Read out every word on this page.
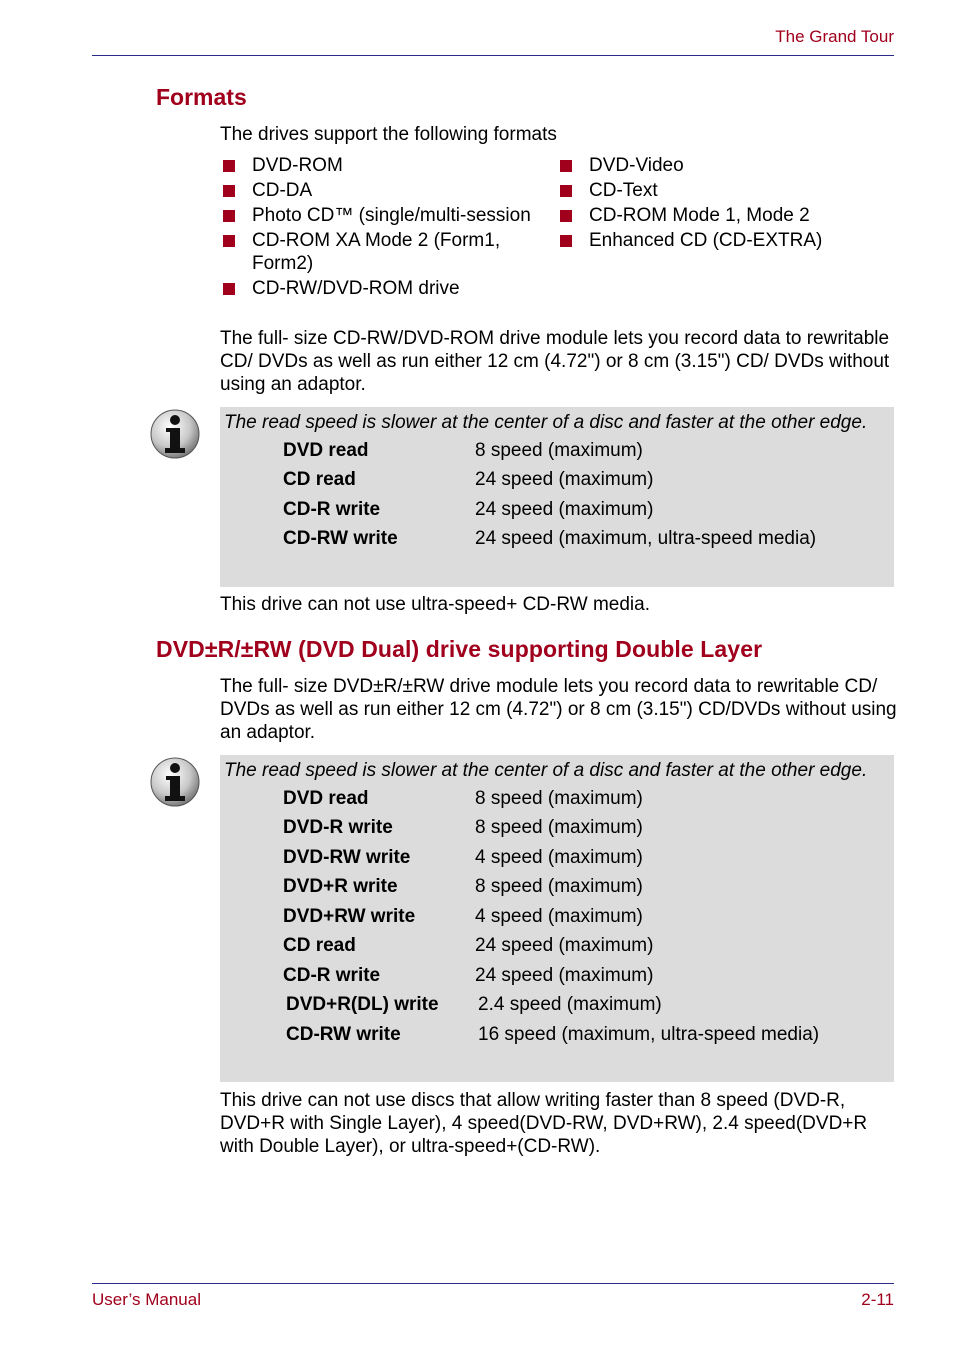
The Grand Tour
Formats
The drives support the following formats
DVD-ROM	DVD-Video
CD-DA	CD-Text
Photo CD™ (single/multi-session	CD-ROM Mode 1, Mode 2
CD-ROM XA Mode 2 (Form1, Form2)
Enhanced CD (CD-EXTRA)
CD-RW/DVD-ROM drive
The full- size CD-RW/DVD-ROM drive module lets you record data to rewritable CD/ DVDs as well as run either 12 cm (4.72") or 8 cm (3.15") CD/ DVDs without using an adaptor.
The read speed is slower at the center of a disc and faster at the other edge.
DVD read	8 speed (maximum)
CD read	24 speed (maximum)
CD-R write	24 speed (maximum)
CD-RW write	24 speed (maximum, ultra-speed media)
This drive can not use ultra-speed+ CD-RW media.
DVD±R/±RW (DVD Dual) drive supporting Double Layer
The full- size DVD±R/±RW drive module lets you record data to rewritable CD/ DVDs as well as run either 12 cm (4.72") or 8 cm (3.15") CD/DVDs without using an adaptor.
The read speed is slower at the center of a disc and faster at the other edge.
DVD read	8 speed (maximum)
DVD-R write	8 speed (maximum)
DVD-RW write	4 speed (maximum)
DVD+R write	8 speed (maximum)
DVD+RW write	4 speed (maximum)
CD read	24 speed (maximum)
CD-R write	24 speed (maximum)
DVD+R(DL) write	2.4 speed (maximum)
CD-RW write	16 speed (maximum, ultra-speed media)
This drive can not use discs that allow writing faster than 8 speed (DVD-R, DVD+R with Single Layer), 4 speed(DVD-RW, DVD+RW), 2.4 speed(DVD+R with Double Layer), or ultra-speed+(CD-RW).
User’s Manual	2-11
